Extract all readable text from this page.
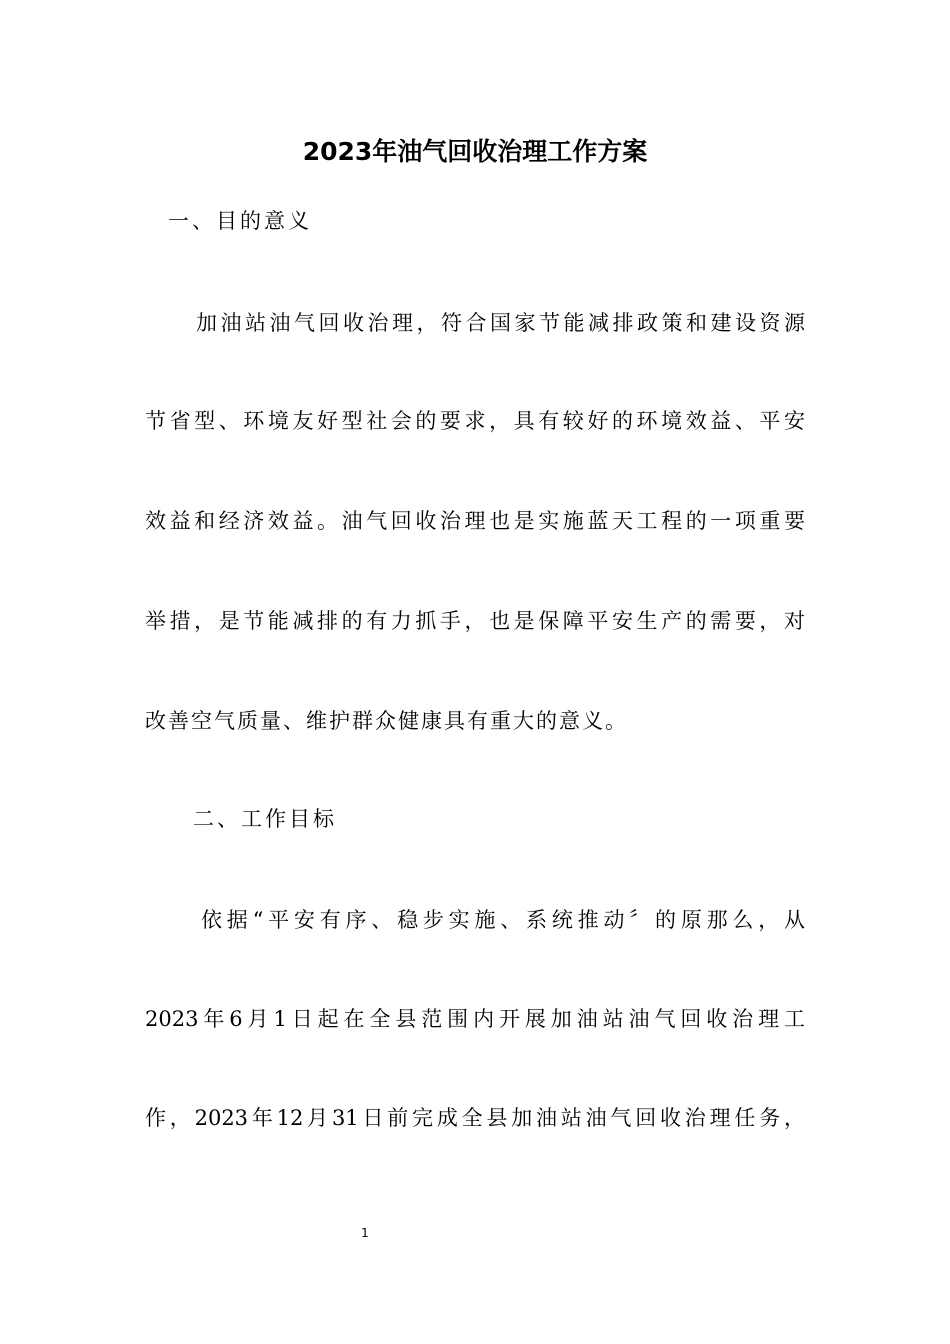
2023年油气回收治理工作方案
一、目的意义
加油站油气回收治理，符合国家节能减排政策和建设资源
节省型、环境友好型社会的要求，具有较好的环境效益、平安
效益和经济效益。油气回收治理也是实施蓝天工程的一项重要
举措，是节能减排的有力抓手，也是保障平安生产的需要，对
改善空气质量、维护群众健康具有重大的意义。
二、工作目标
依据“平安有序、稳步实施、系统推动〞的原那么，从
2023年6月1日起在全县范围内开展加油站油气回收治理工
作，2023年12月31日前完成全县加油站油气回收治理任务，
1
